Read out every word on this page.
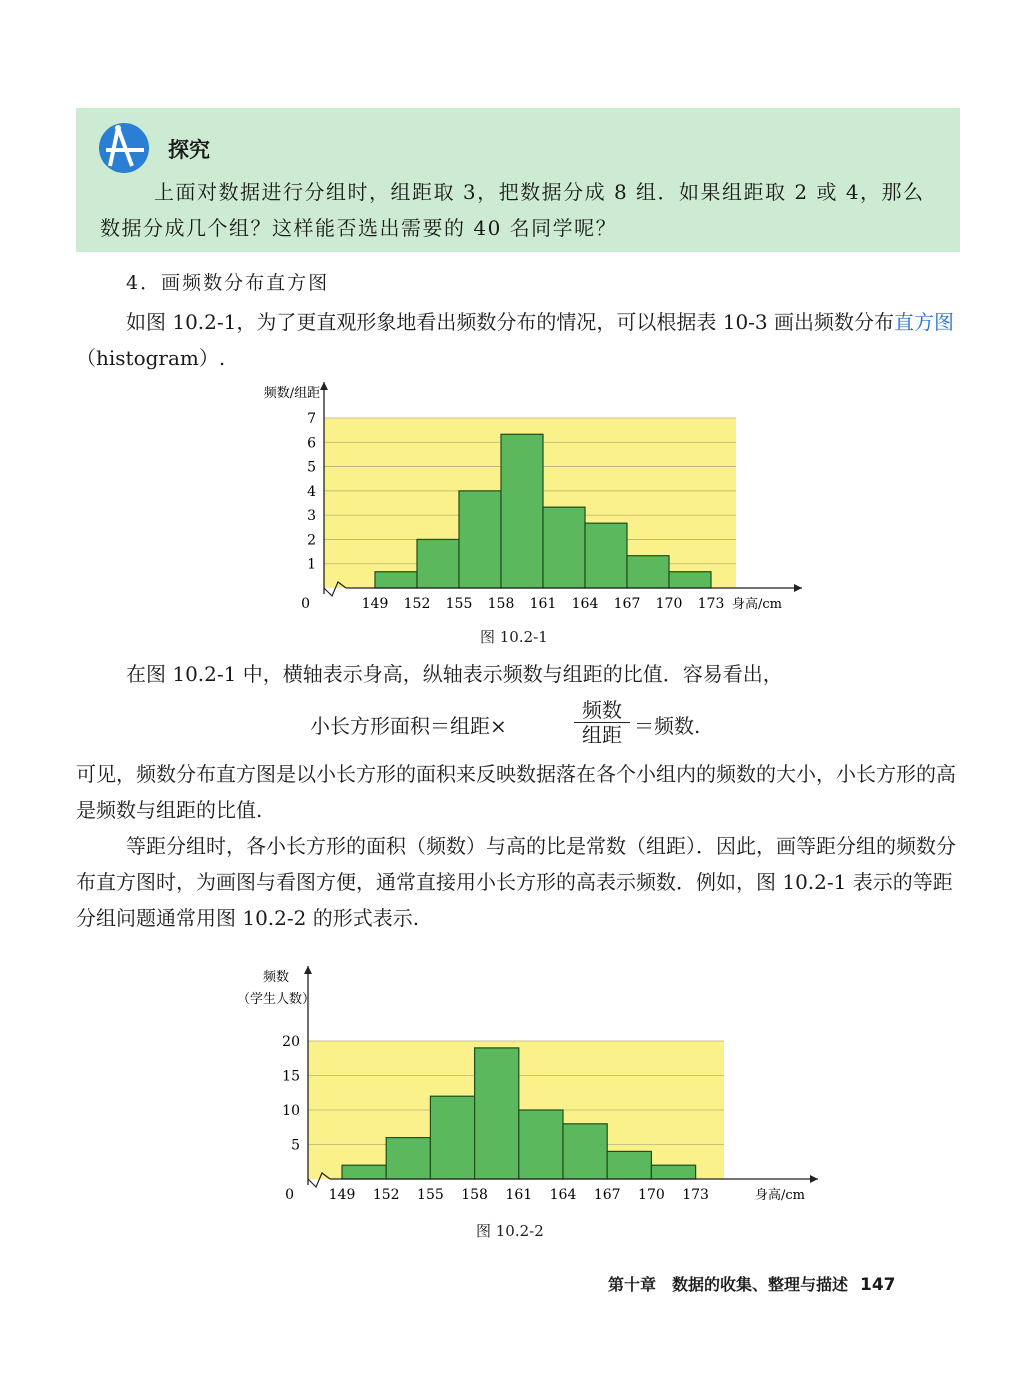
探究
上面对数据进行分组时，组距取 3，把数据分成 8 组．如果组距取 2 或 4，那么数据分成几个组？这样能否选出需要的 40 名同学呢？
4．画频数分布直方图
如图 10.2-1，为了更直观形象地看出频数分布的情况，可以根据表 10-3 画出频数分布直方图（histogram）.
1
2
3
4
5
6
7
0	149 152 155 158 161 164 167 170 173 身高/cm
频数/组距
图 10.2-1
在图 10.2-1 中，横轴表示身高，纵轴表示频数与组距的比值．容易看出，
小长方形面积＝组距×
频数
组距 ＝频数.
可见，频数分布直方图是以小长方形的面积来反映数据落在各个小组内的频数的大小，小长方形的高是频数与组距的比值.
等距分组时，各小长方形的面积（频数）与高的比是常数（组距）．因此，画等距分组的频数分布直方图时，为画图与看图方便，通常直接用小长方形的高表示频数．例如，图 10.2-1 表示的等距分组问题通常用图 10.2-2 的形式表示.
5
10
15
20
0 149 152 155 158 161 164 167 170 173	身高/cm
频数
（学生人数）
图 10.2-2
第十章　数据的收集、整理与描述 147
